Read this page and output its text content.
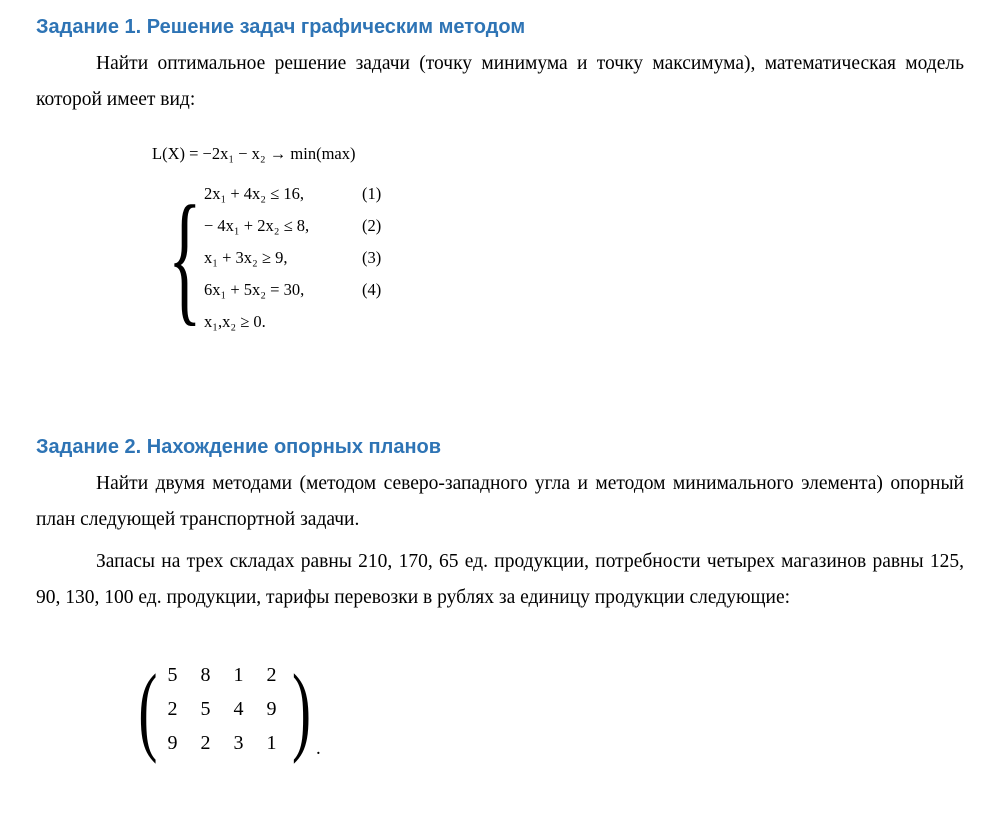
Задание 1. Решение задач графическим методом

Найти оптимальное решение задачи (точку минимума и точку максимума), математическая модель которой имеет вид:

L(X) = −2x₁ − x₂ → min(max)
{ 2x₁ + 4x₂ ≤ 16,	(1)
− 4x₁ + 2x₂ ≤ 8,	(2)
x₁ + 3x₂ ≥ 9,	(3)
6x₁ + 5x₂ = 30,	(4)
x₁,x₂ ≥ 0.
Задание 2. Нахождение опорных планов

Найти двумя методами (методом северо-западного угла и методом минимального элемента) опорный план следующей транспортной задачи.

Запасы на трех складах равны 210, 170, 65 ед. продукции, потребности четырех магазинов равны 125, 90, 130, 100 ед. продукции, тарифы перевозки в рублях за единицу продукции следующие:

( 5	8	1	2
2	5	4	9
9	2	3	1 ) .
